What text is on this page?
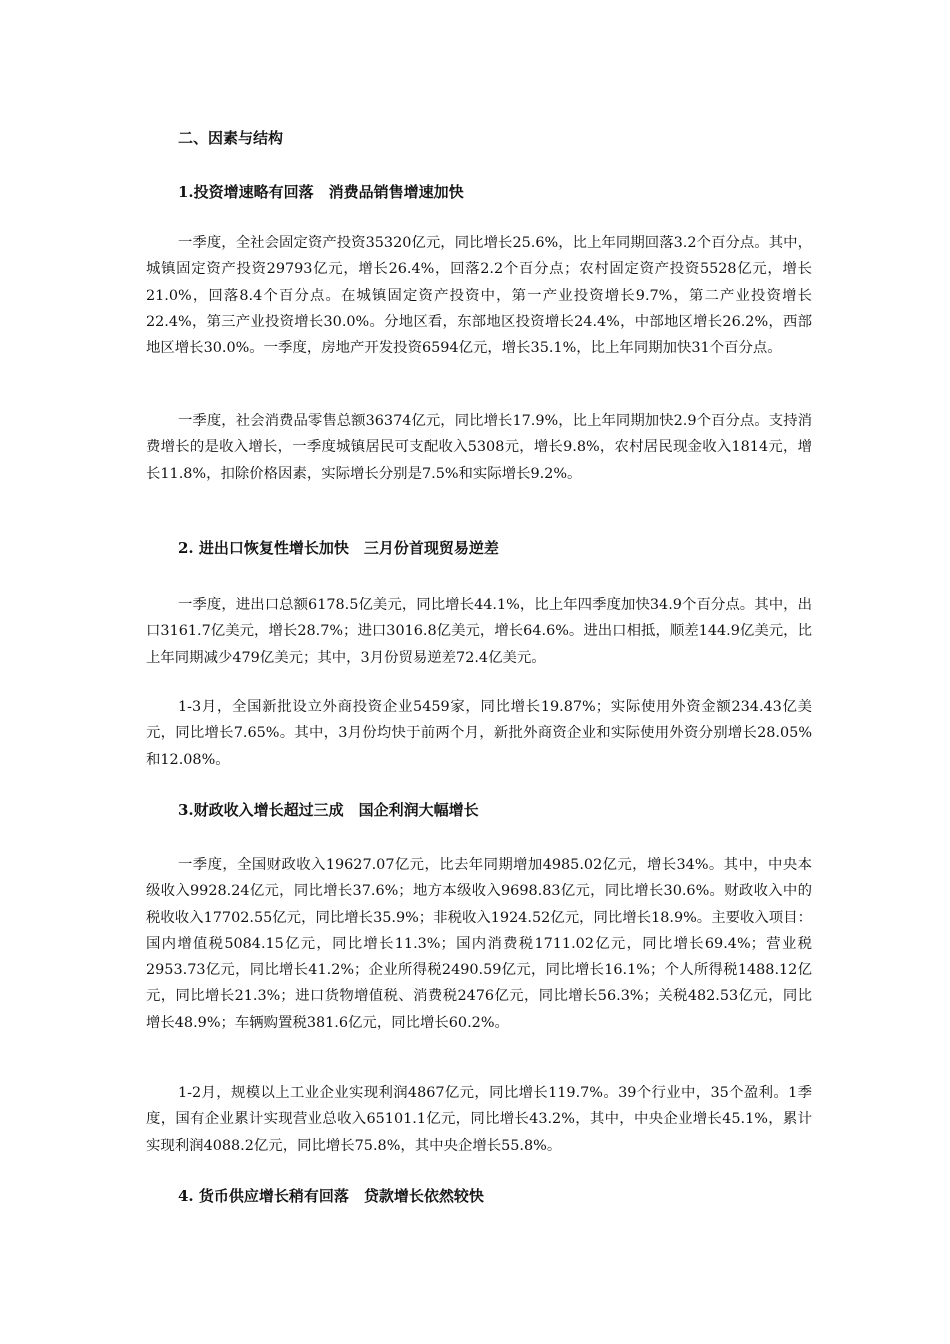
二、因素与结构

1.投资增速略有回落　消费品销售增速加快

一季度，全社会固定资产投资35320亿元，同比增长25.6%，比上年同期回落3.2个百分点。其中，城镇固定资产投资29793亿元，增长26.4%，回落2.2个百分点；农村固定资产投资5528亿元，增长21.0%，回落8.4个百分点。在城镇固定资产投资中，第一产业投资增长9.7%，第二产业投资增长22.4%，第三产业投资增长30.0%。分地区看，东部地区投资增长24.4%，中部地区增长26.2%，西部地区增长30.0%。一季度，房地产开发投资6594亿元，增长35.1%，比上年同期加快31个百分点。

一季度，社会消费品零售总额36374亿元，同比增长17.9%，比上年同期加快2.9个百分点。支持消费增长的是收入增长，一季度城镇居民可支配收入5308元，增长9.8%，农村居民现金收入1814元，增长11.8%，扣除价格因素，实际增长分别是7.5%和实际增长9.2%。

2. 进出口恢复性增长加快　三月份首现贸易逆差

一季度，进出口总额6178.5亿美元，同比增长44.1%，比上年四季度加快34.9个百分点。其中，出口3161.7亿美元，增长28.7%；进口3016.8亿美元，增长64.6%。进出口相抵，顺差144.9亿美元，比上年同期减少479亿美元；其中，3月份贸易逆差72.4亿美元。

1-3月，全国新批设立外商投资企业5459家，同比增长19.87%；实际使用外资金额234.43亿美元，同比增长7.65%。其中，3月份均快于前两个月，新批外商资企业和实际使用外资分别增长28.05%和12.08%。

3.财政收入增长超过三成　国企利润大幅增长

一季度，全国财政收入19627.07亿元，比去年同期增加4985.02亿元，增长34%。其中，中央本级收入9928.24亿元，同比增长37.6%；地方本级收入9698.83亿元，同比增长30.6%。财政收入中的税收收入17702.55亿元，同比增长35.9%；非税收入1924.52亿元，同比增长18.9%。主要收入项目：国内增值税5084.15亿元，同比增长11.3%；国内消费税1711.02亿元，同比增长69.4%；营业税2953.73亿元，同比增长41.2%；企业所得税2490.59亿元，同比增长16.1%；个人所得税1488.12亿元，同比增长21.3%；进口货物增值税、消费税2476亿元，同比增长56.3%；关税482.53亿元，同比增长48.9%；车辆购置税381.6亿元，同比增长60.2%。

1-2月，规模以上工业企业实现利润4867亿元，同比增长119.7%。39个行业中，35个盈利。1季度，国有企业累计实现营业总收入65101.1亿元，同比增长43.2%，其中，中央企业增长45.1%，累计实现利润4088.2亿元，同比增长75.8%，其中央企增长55.8%。

4. 货币供应增长稍有回落　贷款增长依然较快
